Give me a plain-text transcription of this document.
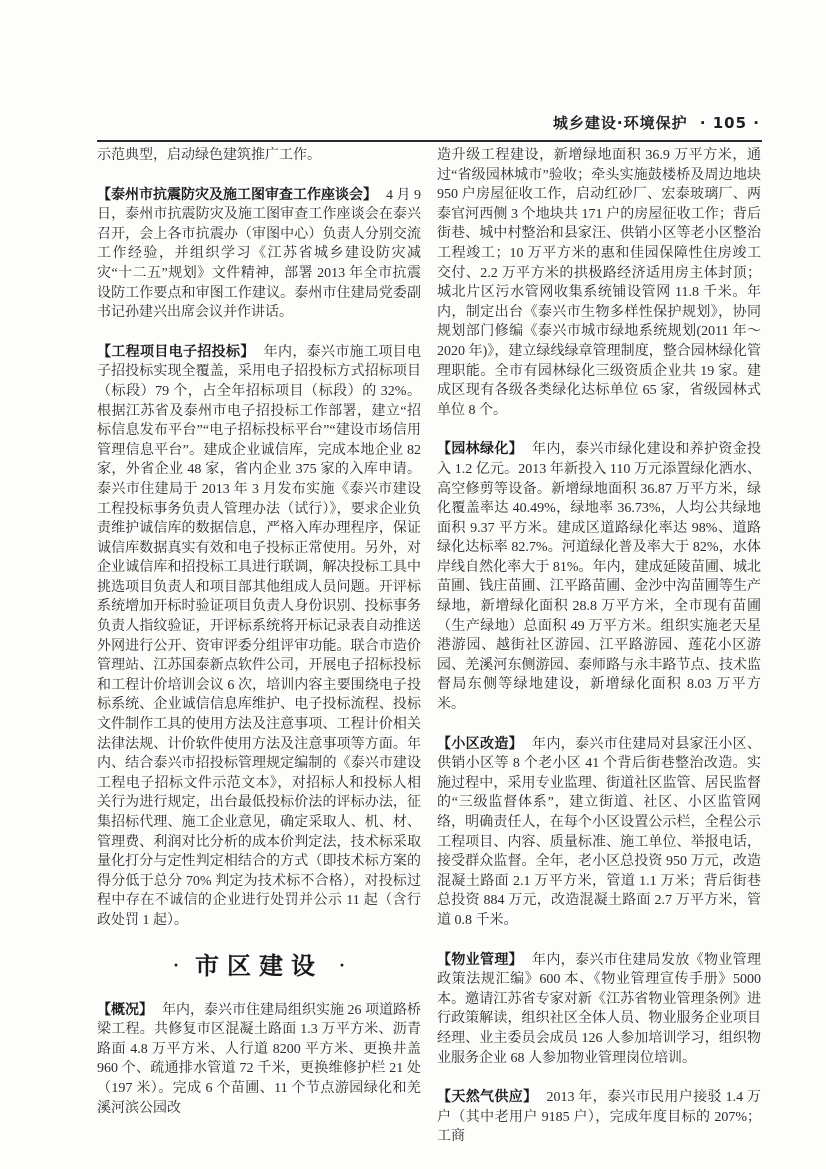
城乡建设·环境保护 · 105 ·

示范典型，启动绿色建筑推广工作。

【泰州市抗震防灾及施工图审查工作座谈会】 4 月 9 日，泰州市抗震防灾及施工图审查工作座谈会在泰兴召开，会上各市抗震办（审图中心）负责人分别交流工作经验，并组织学习《江苏省城乡建设防灾减灾“十二五”规划》文件精神，部署 2013 年全市抗震设防工作要点和审图工作建议。泰州市住建局党委副书记孙建兴出席会议并作讲话。

【工程项目电子招投标】 年内，泰兴市施工项目电子招投标实现全覆盖，采用电子招投标方式招标项目（标段）79 个，占全年招标项目（标段）的 32%。根据江苏省及泰州市电子招投标工作部署，建立“招标信息发布平台”“电子招标投标平台”“建设市场信用管理信息平台”。建成企业诚信库，完成本地企业 82 家，外省企业 48 家，省内企业 375 家的入库申请。泰兴市住建局于 2013 年 3 月发布实施《泰兴市建设工程投标事务负责人管理办法（试行）》，要求企业负责维护诚信库的数据信息，严格入库办理程序，保证诚信库数据真实有效和电子投标正常使用。另外，对企业诚信库和招投标工具进行联调，解决投标工具中挑选项目负责人和项目部其他组成人员问题。开评标系统增加开标时验证项目负责人身份识别、投标事务负责人指纹验证，开评标系统将开标记录表自动推送外网进行公开、资审评委分组评审功能。联合市造价管理站、江苏国泰新点软件公司，开展电子招标投标和工程计价培训会议 6 次，培训内容主要围绕电子投标系统、企业诚信信息库维护、电子投标流程、投标文件制作工具的使用方法及注意事项、工程计价相关法律法规、计价软件使用方法及注意事项等方面。年内、结合泰兴市招投标管理规定编制的《泰兴市建设工程电子招标文件示范文本》，对招标人和投标人相关行为进行规定，出台最低投标价法的评标办法，征集招标代理、施工企业意见，确定采取人、机、材、管理费、利润对比分析的成本价判定法，技术标采取量化打分与定性判定相结合的方式（即技术标方案的得分低于总分 70% 判定为技术标不合格），对投标过程中存在不诚信的企业进行处罚并公示 11 起（含行政处罚 1 起）。

· 市区建设 ·

【概况】 年内，泰兴市住建局组织实施 26 项道路桥梁工程。共修复市区混凝土路面 1.3 万平方米、沥青路面 4.8 万平方米、人行道 8200 平方米、更换井盖 960 个、疏通排水管道 72 千米，更换维修护栏 21 处（197 米）。完成 6 个苗圃、11 个节点游园绿化和羌溪河滨公园改

造升级工程建设，新增绿地面积 36.9 万平方米，通过“省级园林城市”验收；牵头实施鼓楼桥及周边地块 950 户房屋征收工作，启动红砂厂、宏泰玻璃厂、两泰官河西侧 3 个地块共 171 户的房屋征收工作；背后街巷、城中村整治和县家汪、供销小区等老小区整治工程竣工；10 万平方米的惠和佳园保障性住房竣工交付、2.2 万平方米的拱极路经济适用房主体封顶；城北片区污水管网收集系统铺设管网 11.8 千米。年内，制定出台《泰兴市生物多样性保护规划》，协同规划部门修编《泰兴市城市绿地系统规划(2011 年～2020 年)》，建立绿线绿章管理制度，整合园林绿化管理职能。全市有园林绿化三级资质企业共 19 家。建成区现有各级各类绿化达标单位 65 家，省级园林式单位 8 个。

【园林绿化】 年内，泰兴市绿化建设和养护资金投入 1.2 亿元。2013 年新投入 110 万元添置绿化洒水、高空修剪等设备。新增绿地面积 36.87 万平方米，绿化覆盖率达 40.49%，绿地率 36.73%，人均公共绿地面积 9.37 平方米。建成区道路绿化率达 98%、道路绿化达标率 82.7%。河道绿化普及率大于 82%，水体岸线自然化率大于 81%。年内，建成延陵苗圃、城北苗圃、钱庄苗圃、江平路苗圃、金沙中沟苗圃等生产绿地，新增绿化面积 28.8 万平方米，全市现有苗圃（生产绿地）总面积 49 万平方米。组织实施老天星港游园、越街社区游园、江平路游园、莲花小区游园、羌溪河东侧游园、泰师路与永丰路节点、技术监督局东侧等绿地建设，新增绿化面积 8.03 万平方米。

【小区改造】 年内，泰兴市住建局对县家汪小区、供销小区等 8 个老小区 41 个背后街巷整治改造。实施过程中，采用专业监理、街道社区监管、居民监督的“三级监督体系”，建立街道、社区、小区监管网络，明确责任人，在每个小区设置公示栏，全程公示工程项目、内容、质量标准、施工单位、举报电话，接受群众监督。全年，老小区总投资 950 万元，改造混凝土路面 2.1 万平方米，管道 1.1 万米；背后街巷总投资 884 万元，改造混凝土路面 2.7 万平方米，管道 0.8 千米。

【物业管理】 年内，泰兴市住建局发放《物业管理政策法规汇编》600 本、《物业管理宣传手册》5000 本。邀请江苏省专家对新《江苏省物业管理条例》进行政策解读，组织社区全体人员、物业服务企业项目经理、业主委员会成员 126 人参加培训学习，组织物业服务企业 68 人参加物业管理岗位培训。

【天然气供应】 2013 年，泰兴市民用户接驳 1.4 万户（其中老用户 9185 户），完成年度目标的 207%；工商
